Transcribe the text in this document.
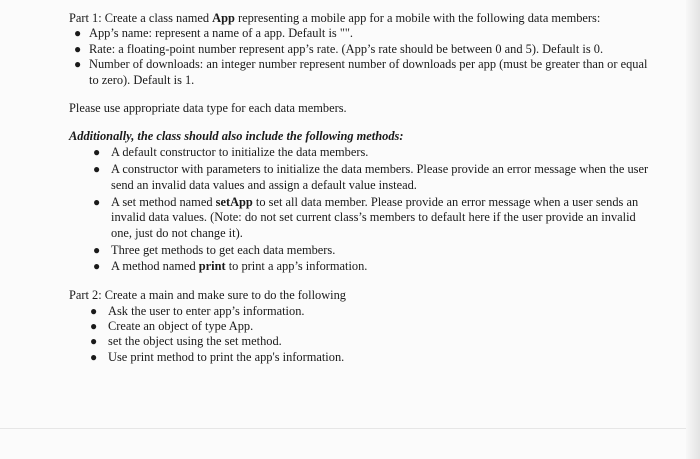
Part 1: Create a class named App representing a mobile app for a mobile with the following data members:

● App’s name: represent a name of a app. Default is "".
● Rate: a floating-point number represent app’s rate. (App’s rate should be between 0 and 5). Default is 0.
● Number of downloads: an integer number represent number of downloads per app (must be greater than or equal to zero). Default is 1.

Please use appropriate data type for each data members.

Additionally, the class should also include the following methods:

● A default constructor to initialize the data members.
● A constructor with parameters to initialize the data members. Please provide an error message when the user send an invalid data values and assign a default value instead.
● A set method named setApp to set all data member. Please provide an error message when a user sends an invalid data values. (Note: do not set current class’s members to default here if the user provide an invalid one, just do not change it).
● Three get methods to get each data members.
● A method named print to print a app’s information.

Part 2: Create a main and make sure to do the following

● Ask the user to enter app’s information.
● Create an object of type App.
● set the object using the set method.
● Use print method to print the app's information.
